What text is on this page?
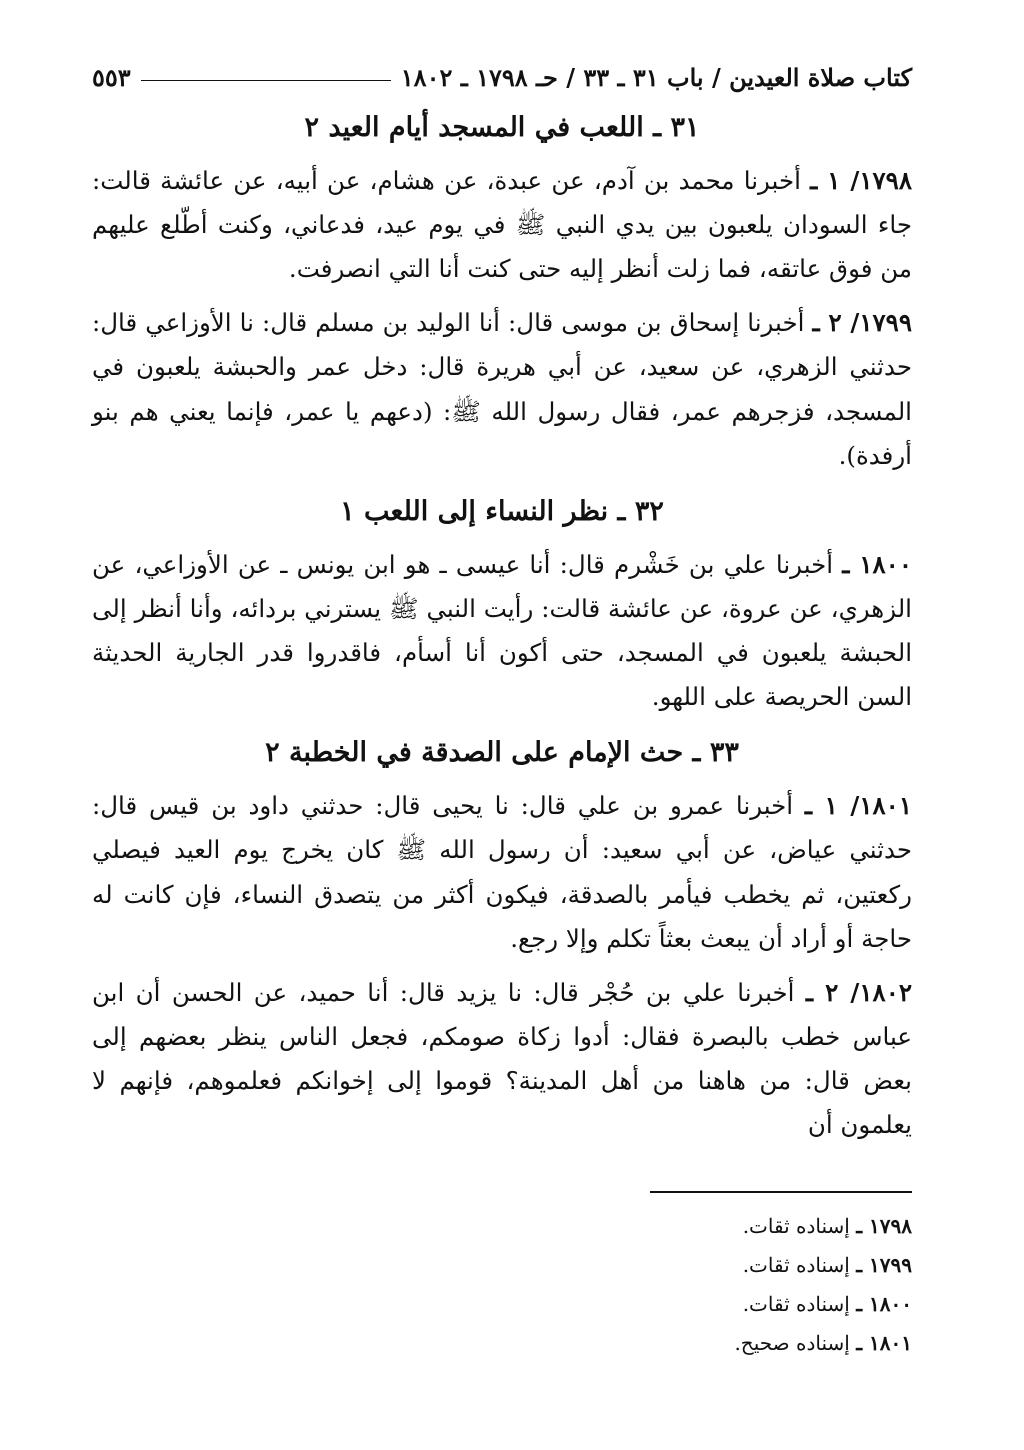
كتاب صلاة العيدين / باب ٣١ ـ ٣٣ / حـ ١٧٩٨ ـ ١٨٠٢
٥٥٣
٣١ ـ اللعب في المسجد أيام العيد ٢

١٧٩٨/ ١ ـ أخبرنا محمد بن آدم، عن عبدة، عن هشام، عن أبيه، عن عائشة قالت: جاء السودان يلعبون بين يدي النبي ﷺ في يوم عيد، فدعاني، وكنت أطّلع عليهم من فوق عاتقه، فما زلت أنظر إليه حتى كنت أنا التي انصرفت.

١٧٩٩/ ٢ ـ أخبرنا إسحاق بن موسى قال: أنا الوليد بن مسلم قال: نا الأوزاعي قال: حدثني الزهري، عن سعيد، عن أبي هريرة قال: دخل عمر والحبشة يلعبون في المسجد، فزجرهم عمر، فقال رسول الله ﷺ: (دعهم يا عمر، فإنما يعني هم بنو أرفدة).

٣٢ ـ نظر النساء إلى اللعب ١

١٨٠٠ ـ أخبرنا علي بن خَشْرم قال: أنا عيسى ـ هو ابن يونس ـ عن الأوزاعي، عن الزهري، عن عروة، عن عائشة قالت: رأيت النبي ﷺ يسترني بردائه، وأنا أنظر إلى الحبشة يلعبون في المسجد، حتى أكون أنا أسأم، فاقدروا قدر الجارية الحديثة السن الحريصة على اللهو.

٣٣ ـ حث الإمام على الصدقة في الخطبة ٢

١٨٠١/ ١ ـ أخبرنا عمرو بن علي قال: نا يحيى قال: حدثني داود بن قيس قال: حدثني عياض، عن أبي سعيد: أن رسول الله ﷺ كان يخرج يوم العيد فيصلي ركعتين، ثم يخطب فيأمر بالصدقة، فيكون أكثر من يتصدق النساء، فإن كانت له حاجة أو أراد أن يبعث بعثاً تكلم وإلا رجع.

١٨٠٢/ ٢ ـ أخبرنا علي بن حُجْر قال: نا يزيد قال: أنا حميد، عن الحسن أن ابن عباس خطب بالبصرة فقال: أدوا زكاة صومكم، فجعل الناس ينظر بعضهم إلى بعض قال: من هاهنا من أهل المدينة؟ قوموا إلى إخوانكم فعلموهم، فإنهم لا يعلمون أن

١٧٩٨ ـ إسناده ثقات.
١٧٩٩ ـ إسناده ثقات.
١٨٠٠ ـ إسناده ثقات.
١٨٠١ ـ إسناده صحيح.
